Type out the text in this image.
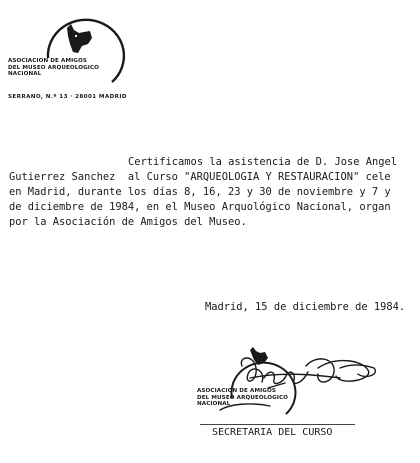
ASOCIACION DE AMIGOS
DEL MUSEO ARQUEOLOGICO
NACIONAL
SERRANO, N.º 13 · 28001 MADRID
Certificamos la asistencia de D. Jose Angel
Gutierrez Sanchez  al Curso "ARQUEOLOGIA Y RESTAURACION" cele
en Madrid, durante los días 8, 16, 23 y 30 de noviembre y 7 y
de diciembre de 1984, en el Museo Arquológico Nacional, organ
por la Asociación de Amigos del Museo.
Madrid, 15 de diciembre de 1984.
ASOCIACION DE AMIGOS
DEL MUSEO ARQUEOLOGICO
NACIONAL
SECRETARIA DEL CURSO
